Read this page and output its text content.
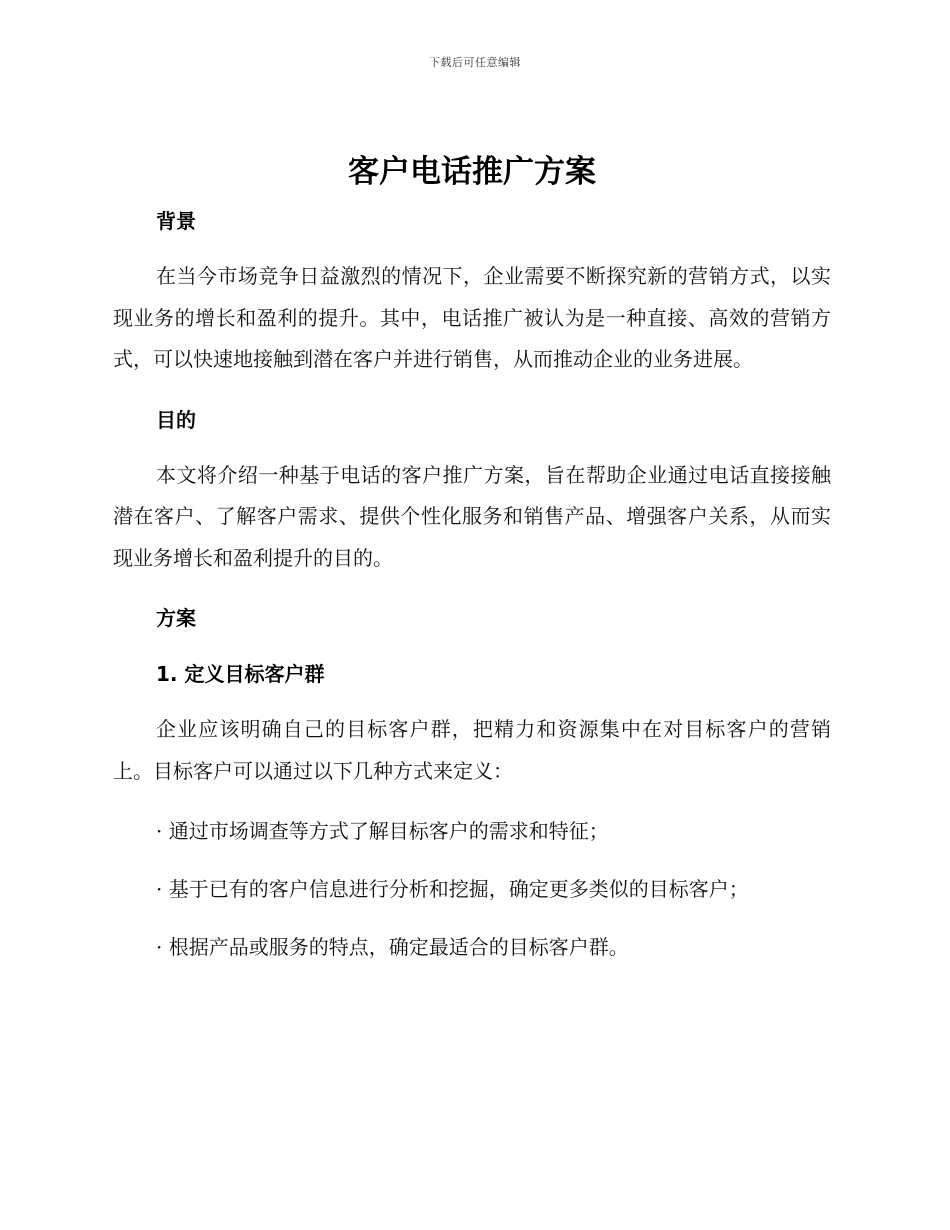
下载后可任意编辑
客户电话推广方案
背景

在当今市场竞争日益激烈的情况下，企业需要不断探究新的营销方式，以实现业务的增长和盈利的提升。其中，电话推广被认为是一种直接、高效的营销方式，可以快速地接触到潜在客户并进行销售，从而推动企业的业务进展。

目的

本文将介绍一种基于电话的客户推广方案，旨在帮助企业通过电话直接接触潜在客户、了解客户需求、提供个性化服务和销售产品、增强客户关系，从而实现业务增长和盈利提升的目的。

方案
1. 定义目标客户群

企业应该明确自己的目标客户群，把精力和资源集中在对目标客户的营销上。目标客户可以通过以下几种方式来定义：

· 通过市场调查等方式了解目标客户的需求和特征；

· 基于已有的客户信息进行分析和挖掘，确定更多类似的目标客户；

· 根据产品或服务的特点，确定最适合的目标客户群。
